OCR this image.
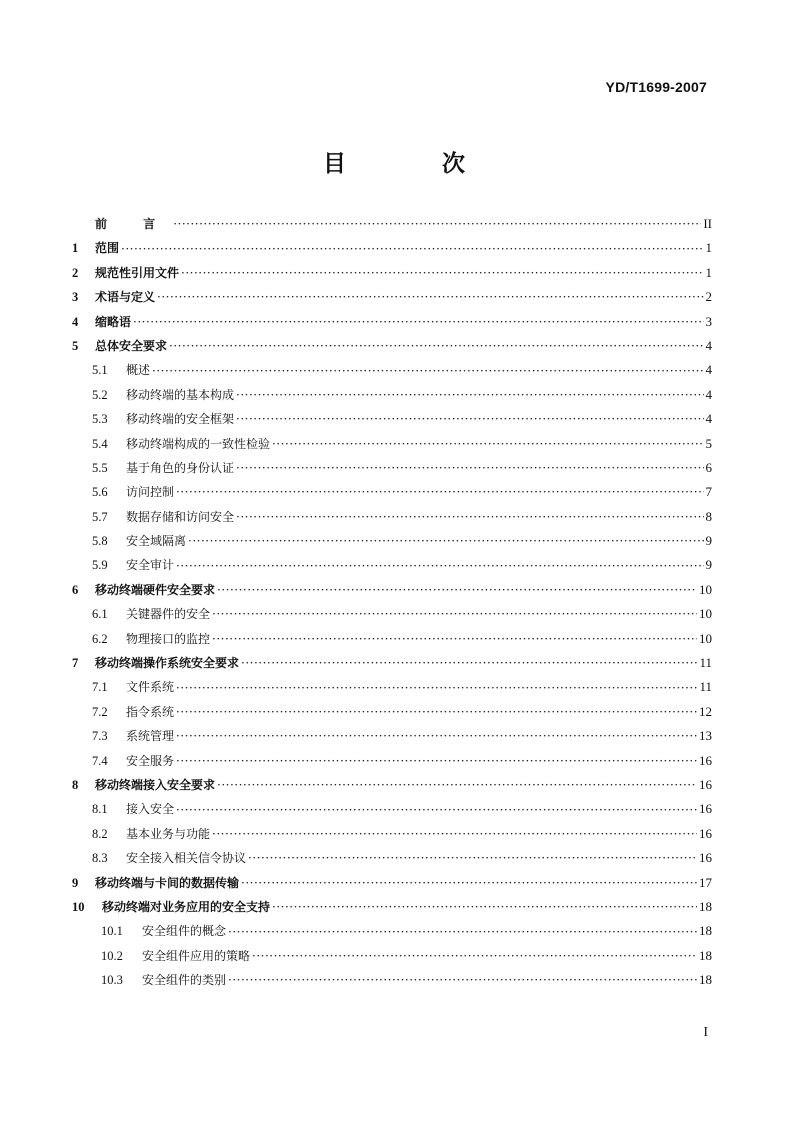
YD/T1699-2007
目 次
前 言 ·····	II
1	范围 ·····	1
2	规范性引用文件 ·····	1
3	术语与定义 ·····	2
4	缩略语 ·····	3
5	总体安全要求 ·····	4
5.1	概述 ·····	4
5.2	移动终端的基本构成 ·····	4
5.3	移动终端的安全框架 ·····	4
5.4	移动终端构成的一致性检验 ·····	5
5.5	基于角色的身份认证 ·····	6
5.6	访问控制 ·····	7
5.7	数据存储和访问安全 ·····	8
5.8	安全域隔离 ·····	9
5.9	安全审计 ·····	9
6	移动终端硬件安全要求 ·····	10
6.1	关键器件的安全 ·····	10
6.2	物理接口的监控 ·····	10
7	移动终端操作系统安全要求 ·····	11
7.1	文件系统 ·····	11
7.2	指令系统 ·····	12
7.3	系统管理 ·····	13
7.4	安全服务 ·····	16
8	移动终端接入安全要求 ·····	16
8.1	接入安全 ·····	16
8.2	基本业务与功能 ·····	16
8.3	安全接入相关信令协议 ·····	16
9	移动终端与卡间的数据传输 ·····	17
10	移动终端对业务应用的安全支持 ·····	18
10.1	安全组件的概念 ·····	18
10.2	安全组件应用的策略 ·····	18
10.3	安全组件的类别 ·····	18
I
